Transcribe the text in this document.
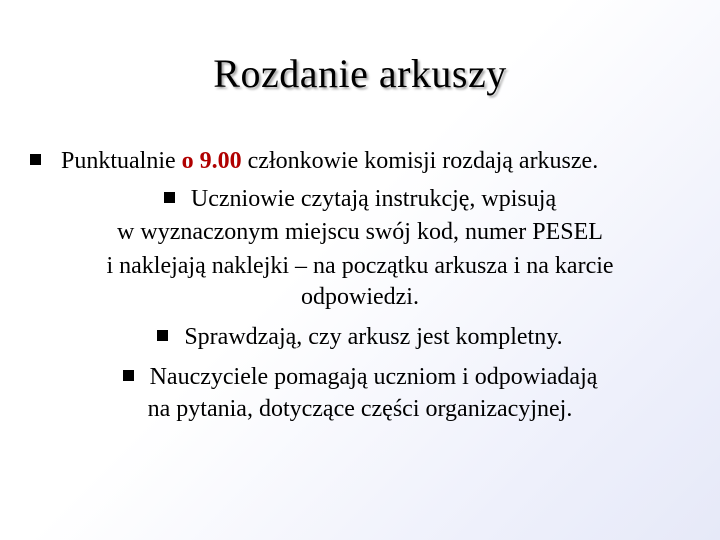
Rozdanie arkuszy
Punktualnie o 9.00 członkowie komisji rozdają arkusze.
Uczniowie czytają instrukcję, wpisują
w wyznaczonym miejscu swój kod, numer PESEL
i naklejają naklejki – na początku arkusza i na karcie
odpowiedzi.
Sprawdzają, czy arkusz jest kompletny.
Nauczyciele pomagają uczniom i odpowiadają
na pytania, dotyczące części organizacyjnej.
